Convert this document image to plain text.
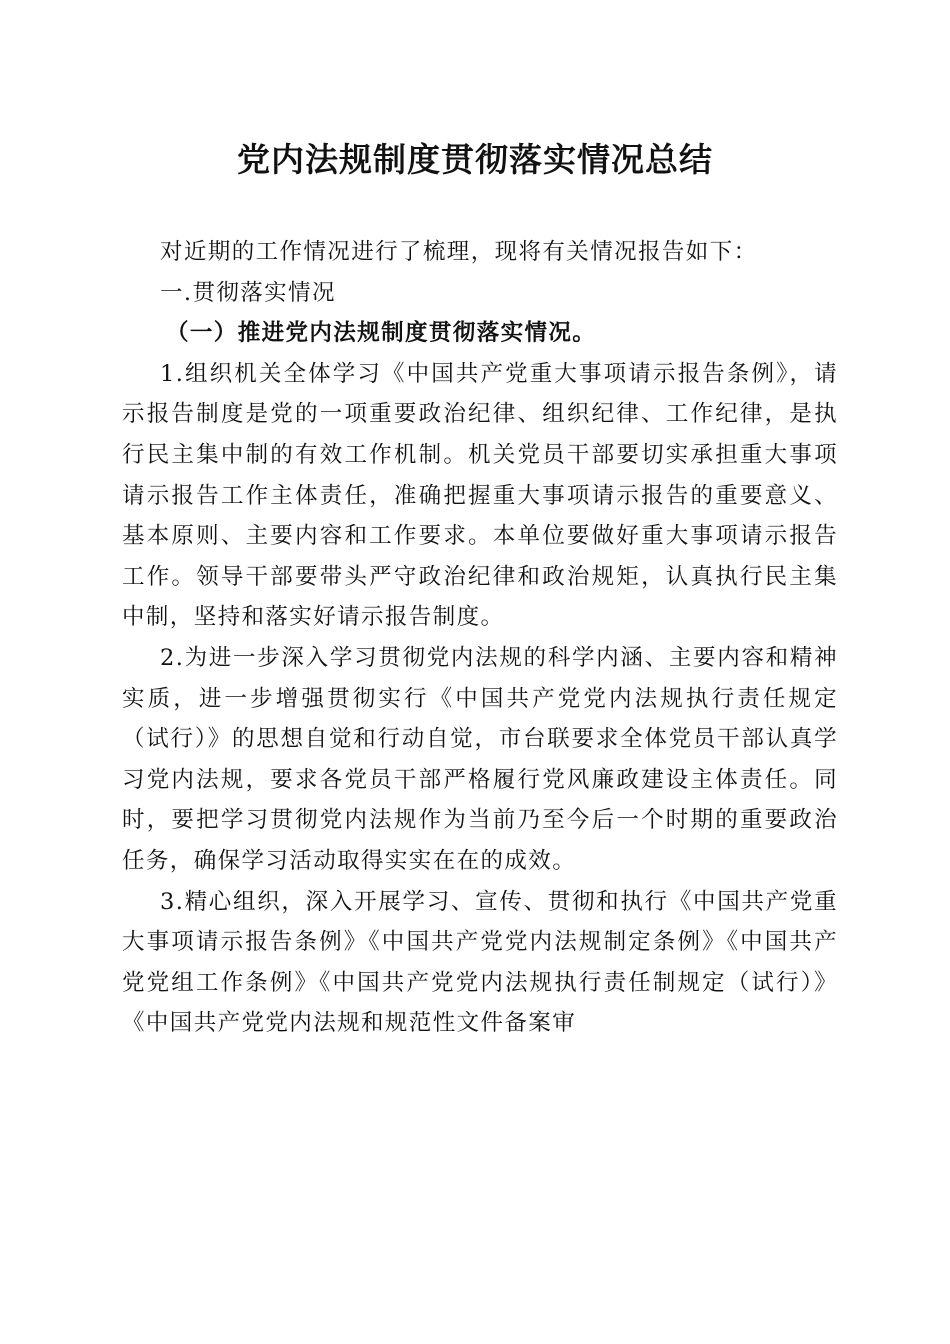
党内法规制度贯彻落实情况总结

对近期的工作情况进行了梳理，现将有关情况报告如下：

一.贯彻落实情况

（一）推进党内法规制度贯彻落实情况。

1.组织机关全体学习《中国共产党重大事项请示报告条例》，请示报告制度是党的一项重要政治纪律、组织纪律、工作纪律，是执行民主集中制的有效工作机制。机关党员干部要切实承担重大事项请示报告工作主体责任，准确把握重大事项请示报告的重要意义、基本原则、主要内容和工作要求。本单位要做好重大事项请示报告工作。领导干部要带头严守政治纪律和政治规矩，认真执行民主集中制，坚持和落实好请示报告制度。

2.为进一步深入学习贯彻党内法规的科学内涵、主要内容和精神实质，进一步增强贯彻实行《中国共产党党内法规执行责任规定（试行）》的思想自觉和行动自觉，市台联要求全体党员干部认真学习党内法规，要求各党员干部严格履行党风廉政建设主体责任。同时，要把学习贯彻党内法规作为当前乃至今后一个时期的重要政治任务，确保学习活动取得实实在在的成效。

3.精心组织，深入开展学习、宣传、贯彻和执行《中国共产党重大事项请示报告条例》《中国共产党党内法规制定条例》《中国共产党党组工作条例》《中国共产党党内法规执行责任制规定（试行）》《中国共产党党内法规和规范性文件备案审
